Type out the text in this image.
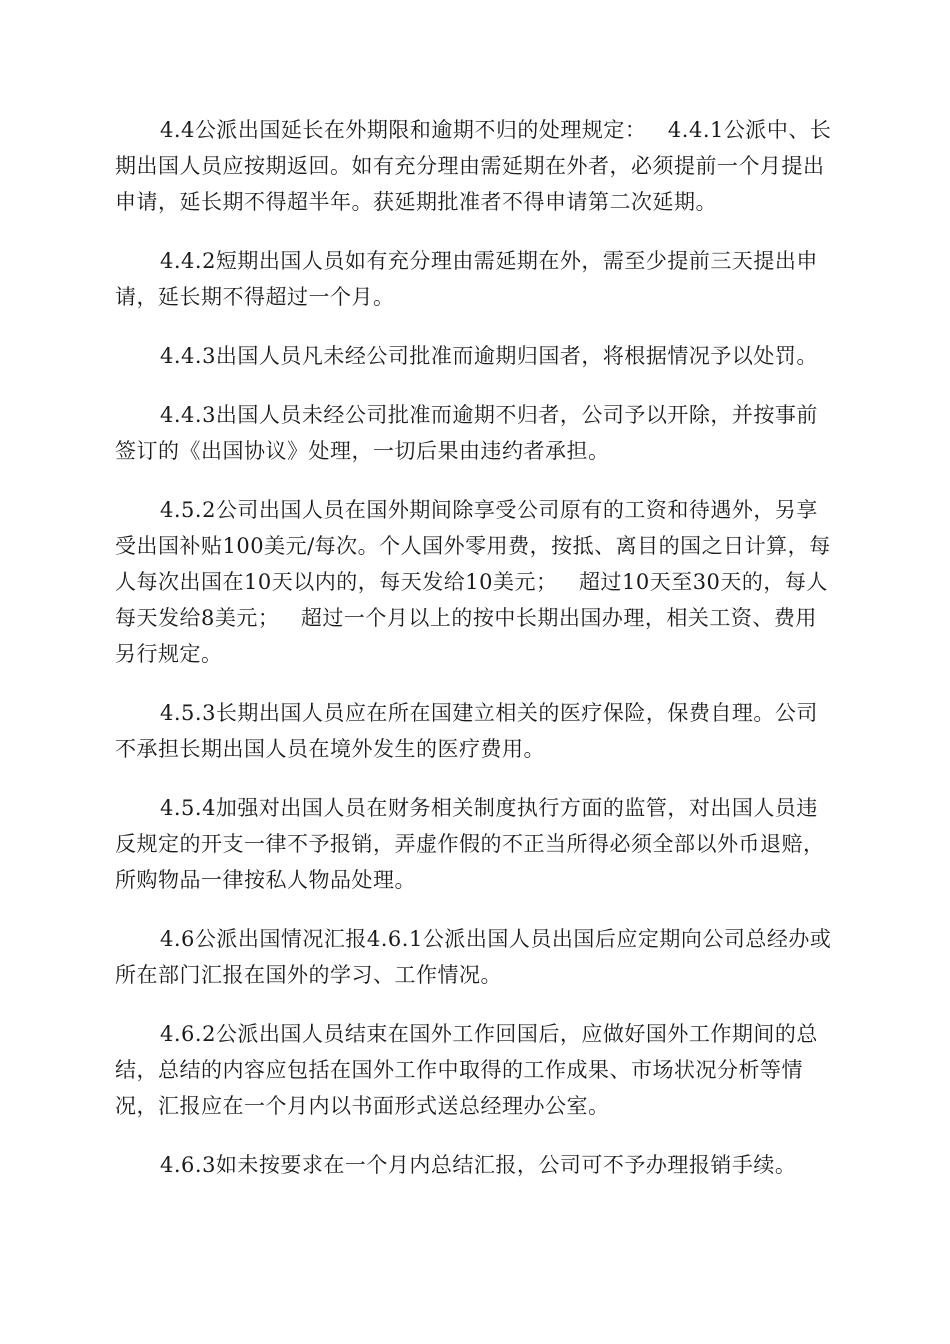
4.4公派出国延长在外期限和逾期不归的处理规定：   4.4.1公派中、长期出国人员应按期返回。如有充分理由需延期在外者，必须提前一个月提出申请，延长期不得超半年。获延期批准者不得申请第二次延期。

4.4.2短期出国人员如有充分理由需延期在外，需至少提前三天提出申请，延长期不得超过一个月。

4.4.3出国人员凡未经公司批准而逾期归国者，将根据情况予以处罚。

4.4.3出国人员未经公司批准而逾期不归者，公司予以开除，并按事前签订的《出国协议》处理，一切后果由违约者承担。

4.5.2公司出国人员在国外期间除享受公司原有的工资和待遇外，另享受出国补贴100美元/每次。个人国外零用费，按抵、离目的国之日计算，每人每次出国在10天以内的，每天发给10美元；   超过10天至30天的，每人每天发给8美元；   超过一个月以上的按中长期出国办理，相关工资、费用另行规定。

4.5.3长期出国人员应在所在国建立相关的医疗保险，保费自理。公司不承担长期出国人员在境外发生的医疗费用。

4.5.4加强对出国人员在财务相关制度执行方面的监管，对出国人员违反规定的开支一律不予报销，弄虚作假的不正当所得必须全部以外币退赔，所购物品一律按私人物品处理。

4.6公派出国情况汇报4.6.1公派出国人员出国后应定期向公司总经办或所在部门汇报在国外的学习、工作情况。

4.6.2公派出国人员结束在国外工作回国后，应做好国外工作期间的总结，总结的内容应包括在国外工作中取得的工作成果、市场状况分析等情况，汇报应在一个月内以书面形式送总经理办公室。

4.6.3如未按要求在一个月内总结汇报，公司可不予办理报销手续。
